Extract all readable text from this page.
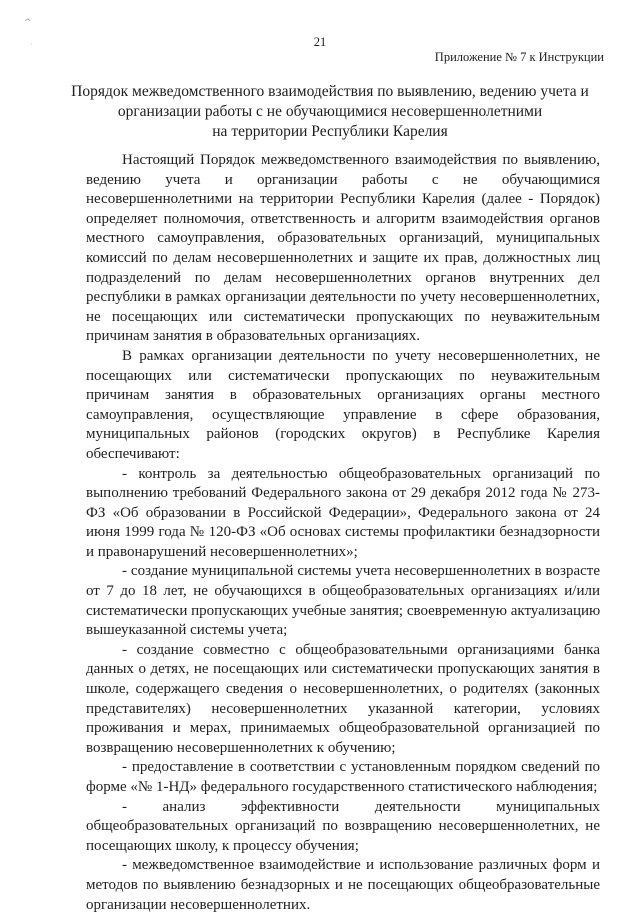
^
·	21
Приложение № 7 к Инструкции
Порядок межведомственного взаимодействия по выявлению, ведению учета и
организации работы с не обучающимися несовершеннолетними
на территории Республики Карелия
Настоящий Порядок межведомственного взаимодействия по выявлению,
ведению учета и организации работы с не обучающимися
несовершеннолетними на территории Республики Карелия (далее - Порядок)
определяет полномочия, ответственность и алгоритм взаимодействия органов
местного самоуправления, образовательных организаций, муниципальных
комиссий по делам несовершеннолетних и защите их прав, должностных лиц
подразделений по делам несовершеннолетних органов внутренних дел
республики в рамках организации деятельности по учету несовершеннолетних,
не посещающих или систематически пропускающих по неуважительным
причинам занятия в образовательных организациях.
В рамках организации деятельности по учету несовершеннолетних, не
посещающих или систематически пропускающих по неуважительным
причинам занятия в образовательных организациях органы местного
самоуправления, осуществляющие управление в сфере образования,
муниципальных районов (городских округов) в Республике Карелия
обеспечивают:
- контроль за деятельностью общеобразовательных организаций по
выполнению требований Федерального закона от 29 декабря 2012 года № 273-
ФЗ «Об образовании в Российской Федерации», Федерального закона от 24
июня 1999 года № 120-ФЗ «Об основах системы профилактики безнадзорности
и правонарушений несовершеннолетних»;
- создание муниципальной системы учета несовершеннолетних в возрасте
от 7 до 18 лет, не обучающихся в общеобразовательных организациях и/или
систематически пропускающих учебные занятия; своевременную актуализацию
вышеуказанной системы учета;
- создание совместно с общеобразовательными организациями банка
данных о детях, не посещающих или систематически пропускающих занятия в
школе, содержащего сведения о несовершеннолетних, о родителях (законных
представителях) несовершеннолетних указанной категории, условиях
проживания и мерах, принимаемых общеобразовательной организацией по
возвращению несовершеннолетних к обучению;
- предоставление в соответствии с установленным порядком сведений по
форме «№ 1-НД» федерального государственного статистического наблюдения;
- анализ эффективности деятельности муниципальных
общеобразовательных организаций по возвращению несовершеннолетних, не
посещающих школу, к процессу обучения;
- межведомственное взаимодействие и использование различных форм и
методов по выявлению безнадзорных и не посещающих общеобразовательные
организации несовершеннолетних.
